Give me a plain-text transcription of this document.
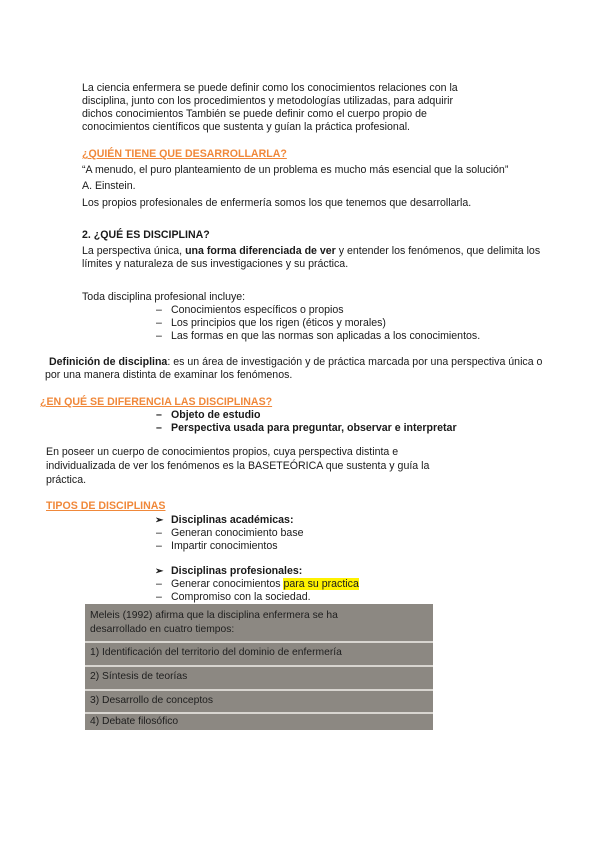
La ciencia enfermera se puede definir como los conocimientos relaciones con la
disciplina, junto con los procedimientos y metodologías utilizadas, para adquirir
dichos conocimientos También se puede definir como el cuerpo propio de
conocimientos científicos que sustenta y guían la práctica profesional.
¿QUIÉN TIENE QUE DESARROLLARLA?
“A menudo, el puro planteamiento de un problema es mucho más esencial que la solución”
A. Einstein.
Los propios profesionales de enfermería somos los que tenemos que desarrollarla.
2. ¿QUÉ ES DISCIPLINA?
La perspectiva única, una forma diferenciada de ver y entender los fenómenos, que delimita los
límites y naturaleza de sus investigaciones y su práctica.
Toda disciplina profesional incluye:
– Conocimientos específicos o propios
– Los principios que los rigen (éticos y morales)
– Las formas en que las normas son aplicadas a los conocimientos.
Definición de disciplina: es un área de investigación y de práctica marcada por una perspectiva única o
por una manera distinta de examinar los fenómenos.
¿EN QUÉ SE DIFERENCIA LAS DISCIPLINAS?
– Objeto de estudio
– Perspectiva usada para preguntar, observar e interpretar
En poseer un cuerpo de conocimientos propios, cuya perspectiva distinta e
individualizada de ver los fenómenos es la BASETEÓRICA que sustenta y guía la
práctica.
TIPOS DE DISCIPLINAS
➢ Disciplinas académicas:
– Generan conocimiento base
– Impartir conocimientos
➢ Disciplinas profesionales:
– Generar conocimientos para su practica
– Compromiso con la sociedad.
Meleis (1992) afirma que la disciplina enfermera se ha
desarrollado en cuatro tiempos:
1) Identificación del territorio del dominio de enfermería
2) Síntesis de teorías
3) Desarrollo de conceptos
4) Debate filosófico
